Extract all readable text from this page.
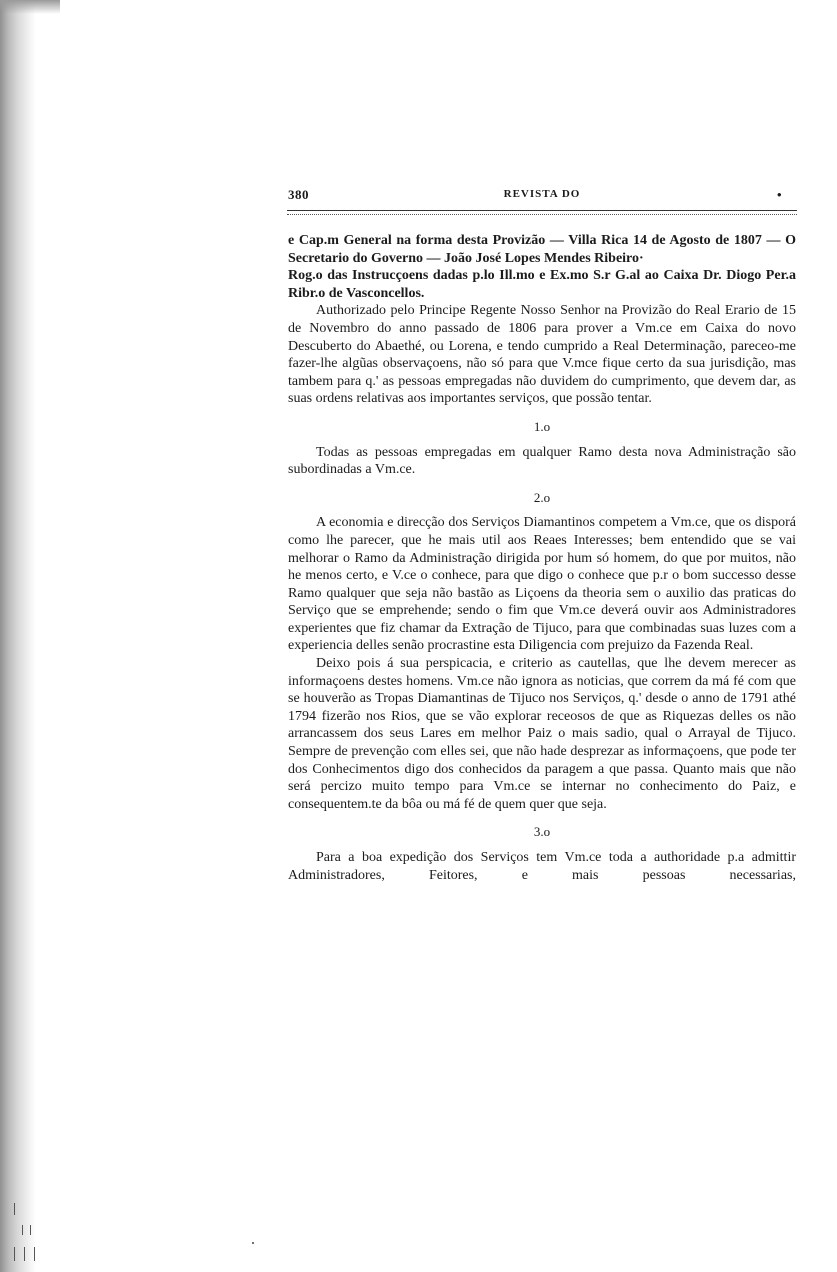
380	REVISTA DO	•

e Cap.m General na forma desta Provizão — Villa Rica 14 de Agosto de 1807 — O Secretario do Governo — João José Lopes Mendes Ribeiro·

Rog.o das Instrucçoens dadas p.lo Ill.mo e Ex.mo S.r G.al ao Caixa Dr. Diogo Per.a Ribr.o de Vasconcellos.

Authorizado pelo Principe Regente Nosso Senhor na Provizão do Real Erario de 15 de Novembro do anno passado de 1806 para prover a Vm.ce em Caixa do novo Descuberto do Abaethé, ou Lorena, e tendo cumprido a Real Determinação, pareceo-me fazer-lhe algũas observaçoens, não só para que V.mce fique certo da sua jurisdição, mas tambem para q.' as pessoas empregadas não duvidem do cumprimento, que devem dar, as suas ordens relativas aos importantes serviços, que possão tentar.

1.o

Todas as pessoas empregadas em qualquer Ramo desta nova Administração são subordinadas a Vm.ce.

2.o

A economia e direcção dos Serviços Diamantinos competem a Vm.ce, que os disporá como lhe parecer, que he mais util aos Reaes Interesses; bem entendido que se vai melhorar o Ramo da Administração dirigida por hum só homem, do que por muitos, não he menos certo, e V.ce o conhece, para que digo o conhece que p.r o bom successo desse Ramo qualquer que seja não bastão as Liçoens da theoria sem o auxilio das praticas do Serviço que se emprehende; sendo o fim que Vm.ce deverá ouvir aos Administradores experientes que fiz chamar da Extração de Tijuco, para que combinadas suas luzes com a experiencia delles senão procrastine esta Diligencia com prejuizo da Fazenda Real.

Deixo pois á sua perspicacia, e criterio as cautellas, que lhe devem merecer as informaçoens destes homens. Vm.ce não ignora as noticias, que correm da má fé com que se houverão as Tropas Diamantinas de Tijuco nos Serviços, q.' desde o anno de 1791 athé 1794 fizerão nos Rios, que se vão explorar receosos de que as Riquezas delles os não arrancassem dos seus Lares em melhor Paiz o mais sadio, qual o Arrayal de Tijuco. Sempre de prevenção com elles sei, que não hade desprezar as informaçoens, que pode ter dos Conhecimentos digo dos conhecidos da paragem a que passa. Quanto mais que não será percizo muito tempo para Vm.ce se internar no conhecimento do Paiz, e consequentem.te da bôa ou má fé de quem quer que seja.

3.o

Para a boa expedição dos Serviços tem Vm.ce toda a authoridade p.a admittir Administradores, Feitores, e mais pessoas necessarias,
